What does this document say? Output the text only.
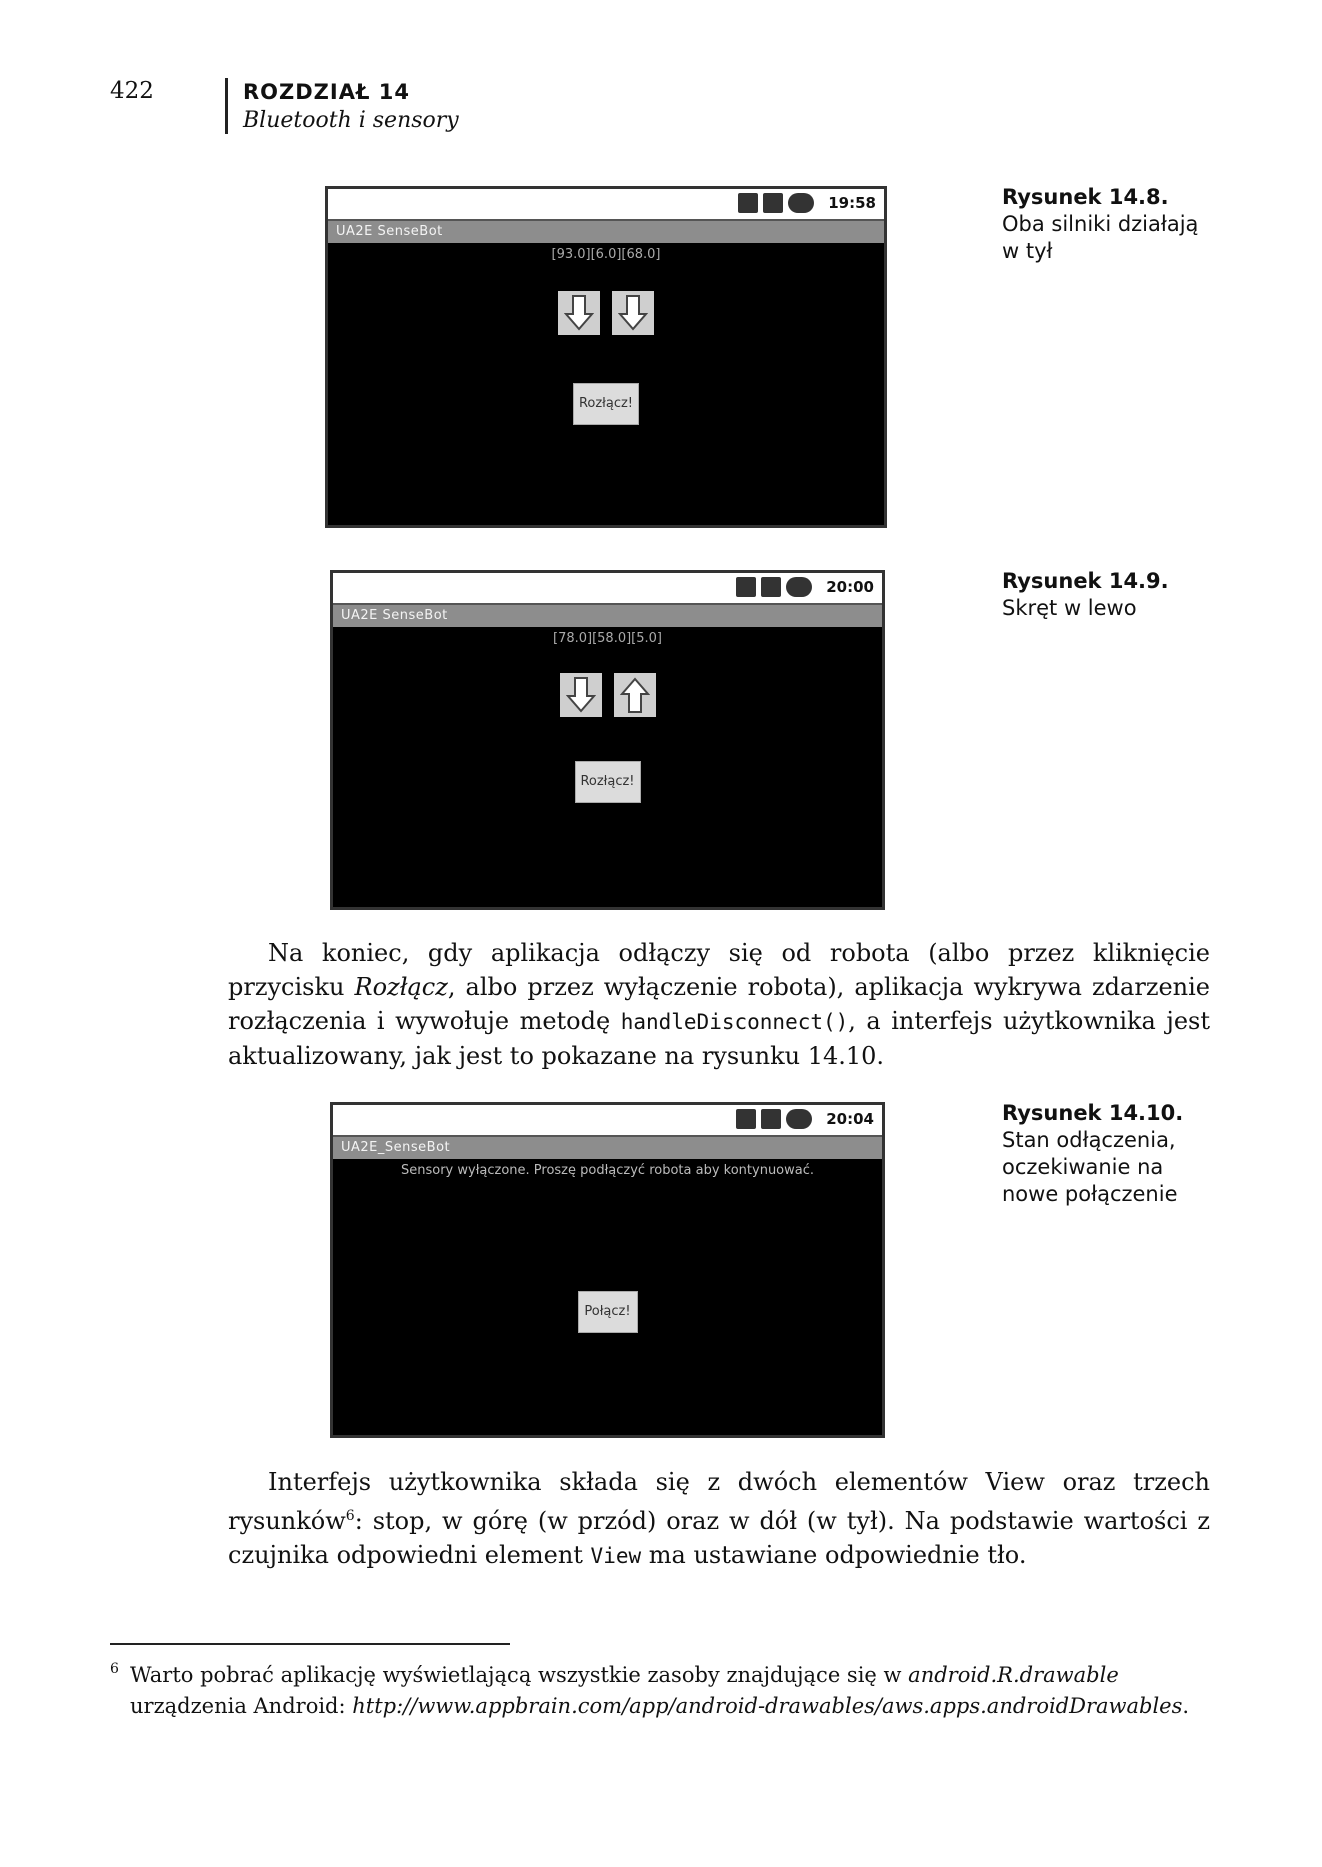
422	ROZDZIAŁ 14
Bluetooth i sensory
19:58
UA2E SenseBot
[93.0][6.0][68.0]
Rozłącz!
Rysunek 14.8.
Oba silniki działają w tył
20:00
UA2E SenseBot
[78.0][58.0][5.0]
Rozłącz!
Rysunek 14.9.
Skręt w lewo
Na koniec, gdy aplikacja odłączy się od robota (albo przez kliknięcie przycisku Rozłącz, albo przez wyłączenie robota), aplikacja wykrywa zdarzenie rozłączenia i wywołuje metodę handleDisconnect(), a interfejs użytkownika jest aktualizowany, jak jest to pokazane na rysunku 14.10.
20:04
UA2E_SenseBot
Sensory wyłączone. Proszę podłączyć robota aby kontynuować.
Połącz!
Rysunek 14.10.
Stan odłączenia, oczekiwanie na nowe połączenie
Interfejs użytkownika składa się z dwóch elementów View oraz trzech rysunków$^6$: stop, w górę (w przód) oraz w dół (w tył). Na podstawie wartości z czujnika odpowiedni element View ma ustawiane odpowiednie tło.
6 Warto pobrać aplikację wyświetlającą wszystkie zasoby znajdujące się w android.R.drawable urządzenia Android: http://www.appbrain.com/app/android-drawables/aws.apps.androidDrawables.
